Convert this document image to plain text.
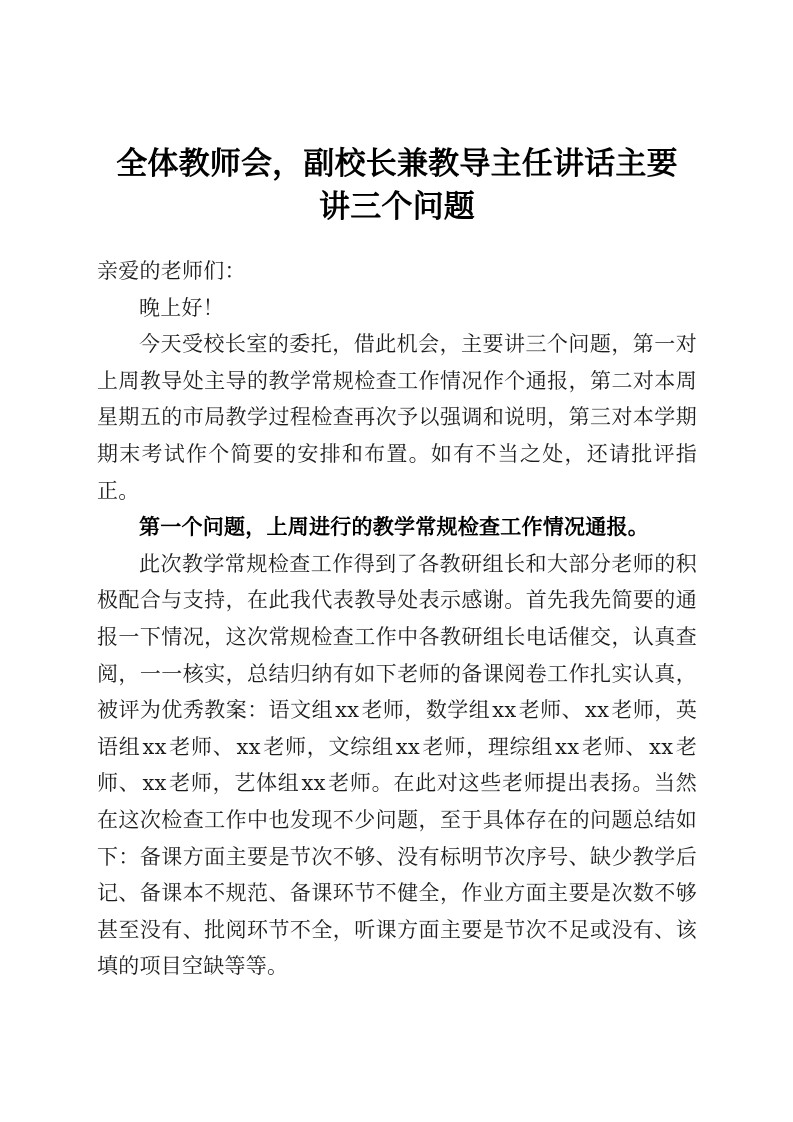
全体教师会，副校长兼教导主任讲话主要
讲三个问题

亲爱的老师们：

晚上好！

今天受校长室的委托，借此机会，主要讲三个问题，第一对上周教导处主导的教学常规检查工作情况作个通报，第二对本周星期五的市局教学过程检查再次予以强调和说明，第三对本学期期末考试作个简要的安排和布置。如有不当之处，还请批评指正。

第一个问题，上周进行的教学常规检查工作情况通报。

此次教学常规检查工作得到了各教研组长和大部分老师的积极配合与支持，在此我代表教导处表示感谢。首先我先简要的通报一下情况，这次常规检查工作中各教研组长电话催交，认真查阅，一一核实，总结归纳有如下老师的备课阅卷工作扎实认真，被评为优秀教案：语文组xx老师，数学组xx老师、xx老师，英语组xx老师、xx老师，文综组xx老师，理综组xx老师、xx老师、xx老师，艺体组xx老师。在此对这些老师提出表扬。当然在这次检查工作中也发现不少问题，至于具体存在的问题总结如下：备课方面主要是节次不够、没有标明节次序号、缺少教学后记、备课本不规范、备课环节不健全，作业方面主要是次数不够甚至没有、批阅环节不全，听课方面主要是节次不足或没有、该填的项目空缺等等。
